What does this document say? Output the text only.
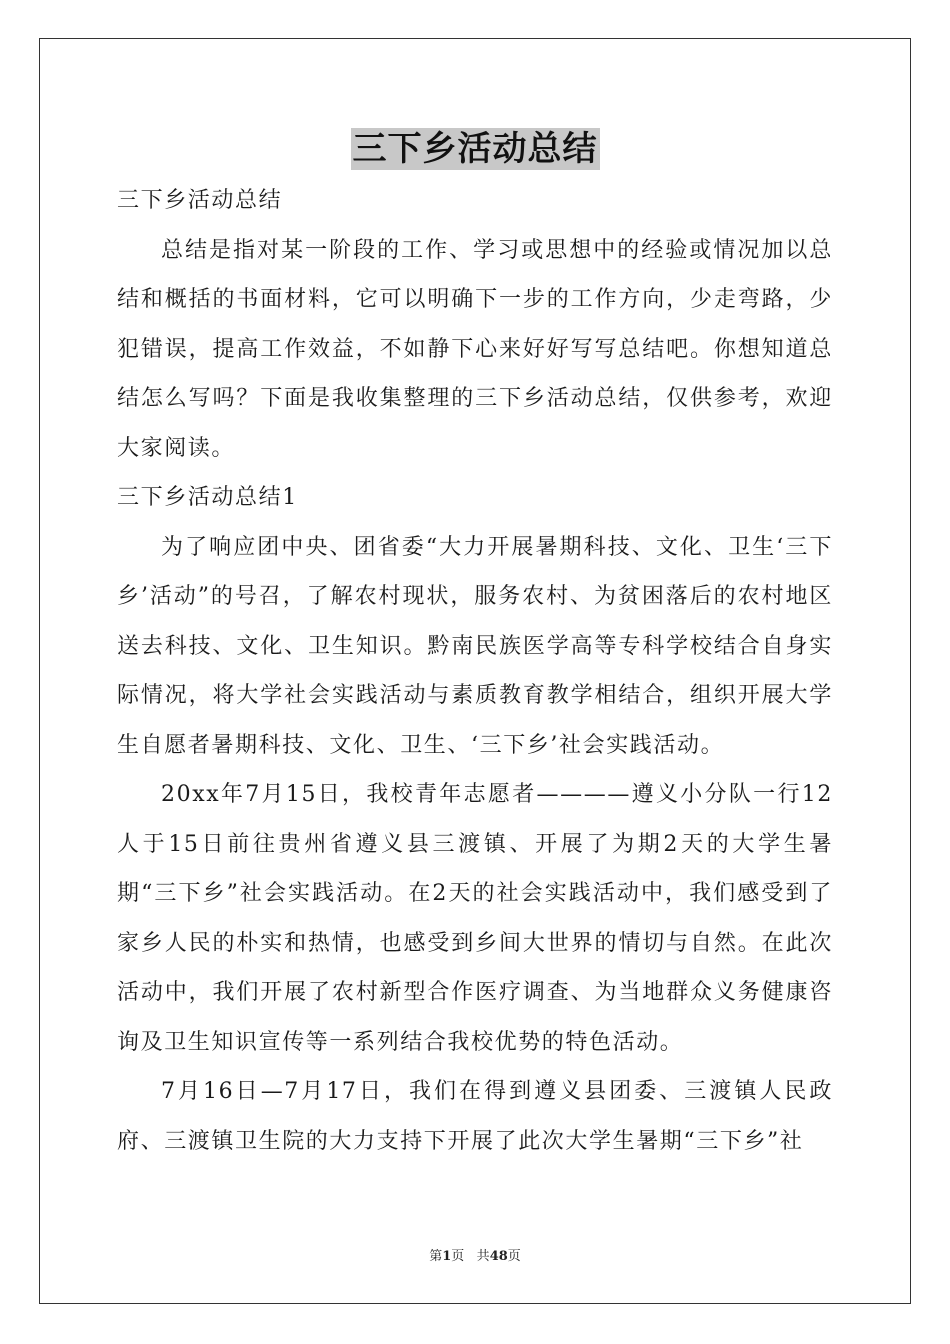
三下乡活动总结

三下乡活动总结

总结是指对某一阶段的工作、学习或思想中的经验或情况加以总结和概括的书面材料，它可以明确下一步的工作方向，少走弯路，少犯错误，提高工作效益，不如静下心来好好写写总结吧。你想知道总结怎么写吗？下面是我收集整理的三下乡活动总结，仅供参考，欢迎大家阅读。

三下乡活动总结1

为了响应团中央、团省委“大力开展暑期科技、文化、卫生‘三下乡’活动”的号召，了解农村现状，服务农村、为贫困落后的农村地区送去科技、文化、卫生知识。黔南民族医学高等专科学校结合自身实际情况，将大学社会实践活动与素质教育教学相结合，组织开展大学生自愿者暑期科技、文化、卫生、‘三下乡’社会实践活动。

20xx年7月15日，我校青年志愿者————遵义小分队一行12人于15日前往贵州省遵义县三渡镇、开展了为期2天的大学生暑期“三下乡”社会实践活动。在2天的社会实践活动中，我们感受到了家乡人民的朴实和热情，也感受到乡间大世界的情切与自然。在此次活动中，我们开展了农村新型合作医疗调查、为当地群众义务健康咨询及卫生知识宣传等一系列结合我校优势的特色活动。

7月16日—7月17日，我们在得到遵义县团委、三渡镇人民政府、三渡镇卫生院的大力支持下开展了此次大学生暑期“三下乡”社

第1页 共48页
